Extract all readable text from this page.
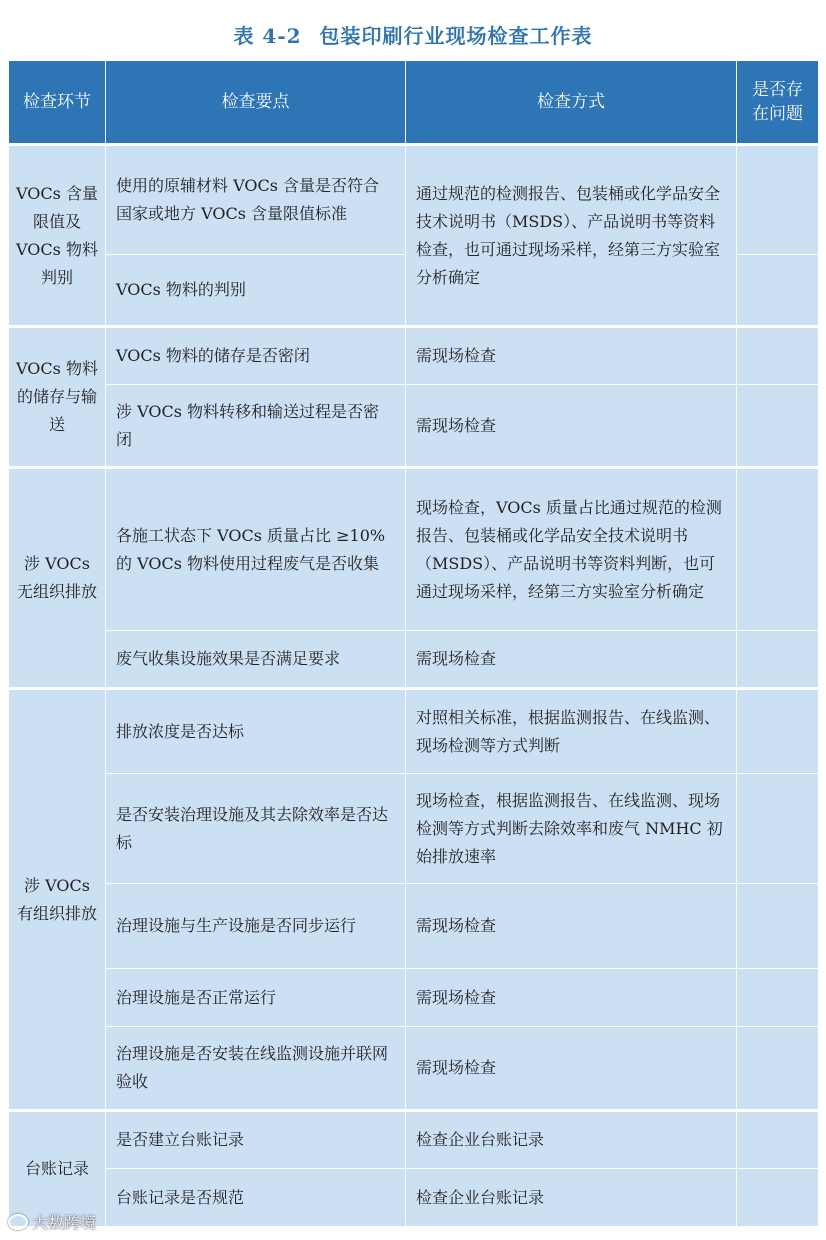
表 4-2 包装印刷行业现场检查工作表
检查环节	检查要点	检查方式	是否存在问题
VOCs 含量限值及 VOCs 物料判别	使用的原辅材料 VOCs 含量是否符合国家或地方 VOCs 含量限值标准	通过规范的检测报告、包装桶或化学品安全技术说明书（MSDS）、产品说明书等资料检查，也可通过现场采样，经第三方实验室分析确定	
	VOCs 物料的判别		
VOCs 物料的储存与输送	VOCs 物料的储存是否密闭	需现场检查	
	涉 VOCs 物料转移和输送过程是否密闭	需现场检查	
涉 VOCs 无组织排放	各施工状态下 VOCs 质量占比 ≥10% 的 VOCs 物料使用过程废气是否收集	现场检查，VOCs 质量占比通过规范的检测报告、包装桶或化学品安全技术说明书（MSDS）、产品说明书等资料判断，也可通过现场采样，经第三方实验室分析确定	
	废气收集设施效果是否满足要求	需现场检查	
涉 VOCs 有组织排放	排放浓度是否达标	对照相关标准，根据监测报告、在线监测、现场检测等方式判断	
	是否安装治理设施及其去除效率是否达标	现场检查，根据监测报告、在线监测、现场检测等方式判断去除效率和废气 NMHC 初始排放速率	
	治理设施与生产设施是否同步运行	需现场检查	
	治理设施是否正常运行	需现场检查	
	治理设施是否安装在线监测设施并联网验收	需现场检查	
台账记录	是否建立台账记录	检查企业台账记录	
	台账记录是否规范	检查企业台账记录	
大数跨境
